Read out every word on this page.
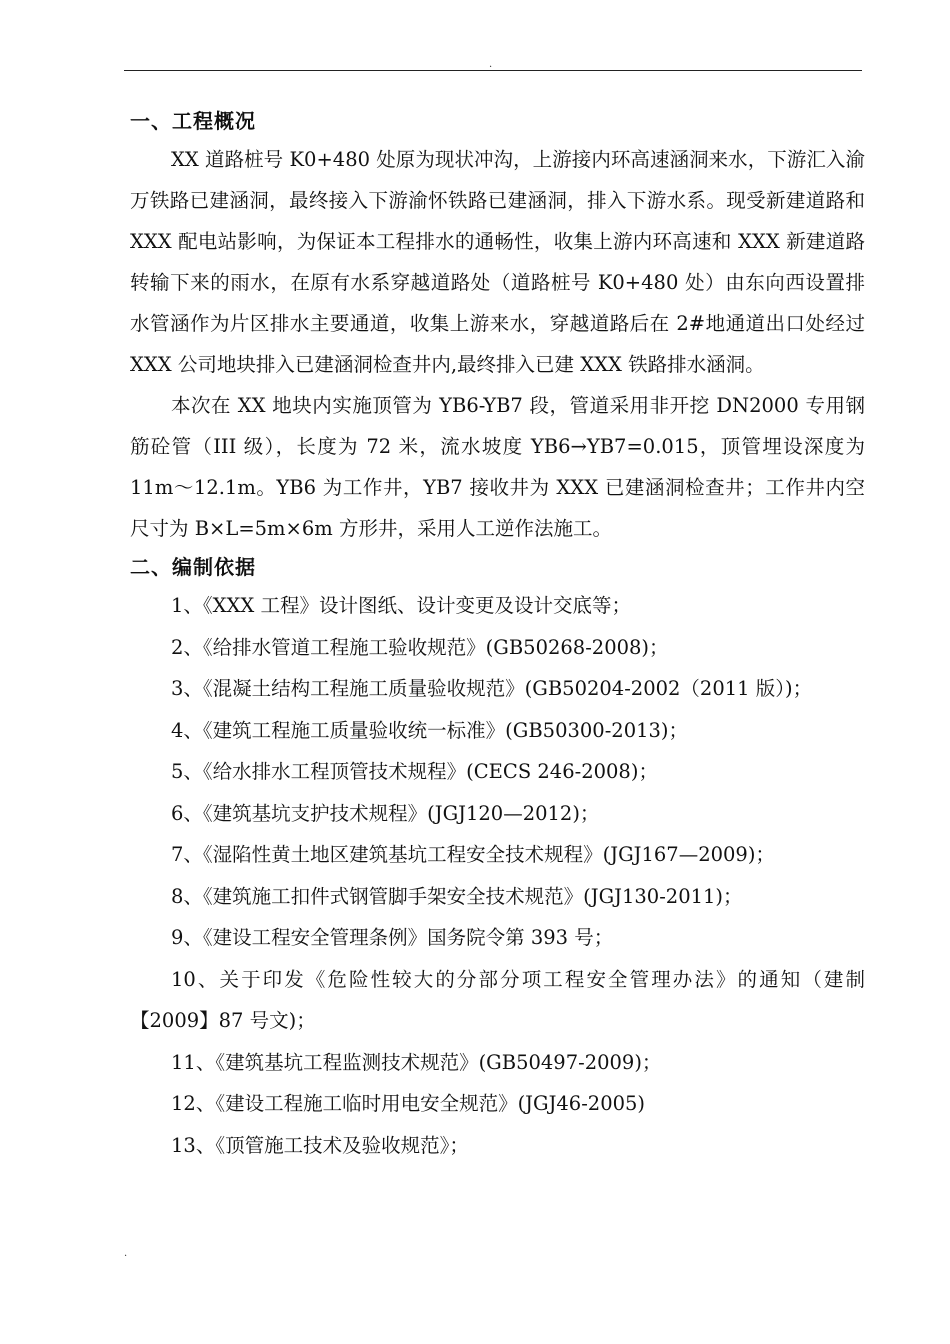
.
一、工程概况

XX 道路桩号 K0+480 处原为现状冲沟，上游接内环高速涵洞来水，下游汇入渝万铁路已建涵洞，最终接入下游渝怀铁路已建涵洞，排入下游水系。现受新建道路和 XXX 配电站影响，为保证本工程排水的通畅性，收集上游内环高速和 XXX 新建道路转输下来的雨水，在原有水系穿越道路处（道路桩号 K0+480 处）由东向西设置排水管涵作为片区排水主要通道，收集上游来水，穿越道路后在 2#地通道出口处经过 XXX 公司地块排入已建涵洞检查井内,最终排入已建 XXX 铁路排水涵洞。

本次在 XX 地块内实施顶管为 YB6-YB7 段，管道采用非开挖 DN2000 专用钢筋砼管（III 级），长度为 72 米，流水坡度 YB6→YB7=0.015，顶管埋设深度为 11m～12.1m。YB6 为工作井，YB7 接收井为 XXX 已建涵洞检查井；工作井内空尺寸为 B×L=5m×6m 方形井，采用人工逆作法施工。

二、编制依据
1、《XXX 工程》设计图纸、设计变更及设计交底等；
2、《给排水管道工程施工验收规范》(GB50268-2008)；
3、《混凝土结构工程施工质量验收规范》(GB50204-2002（2011 版）)；
4、《建筑工程施工质量验收统一标准》(GB50300-2013)；
5、《给水排水工程顶管技术规程》(CECS 246-2008)；
6、《建筑基坑支护技术规程》(JGJ120—2012)；
7、《湿陷性黄土地区建筑基坑工程安全技术规程》(JGJ167—2009)；
8、《建筑施工扣件式钢管脚手架安全技术规范》(JGJ130-2011)；
9、《建设工程安全管理条例》国务院令第 393 号；
10、关于印发《危险性较大的分部分项工程安全管理办法》的通知（建制【2009】87 号文)；
11、《建筑基坑工程监测技术规范》(GB50497-2009)；
12、《建设工程施工临时用电安全规范》(JGJ46-2005)
13、《顶管施工技术及验收规范》；
.
